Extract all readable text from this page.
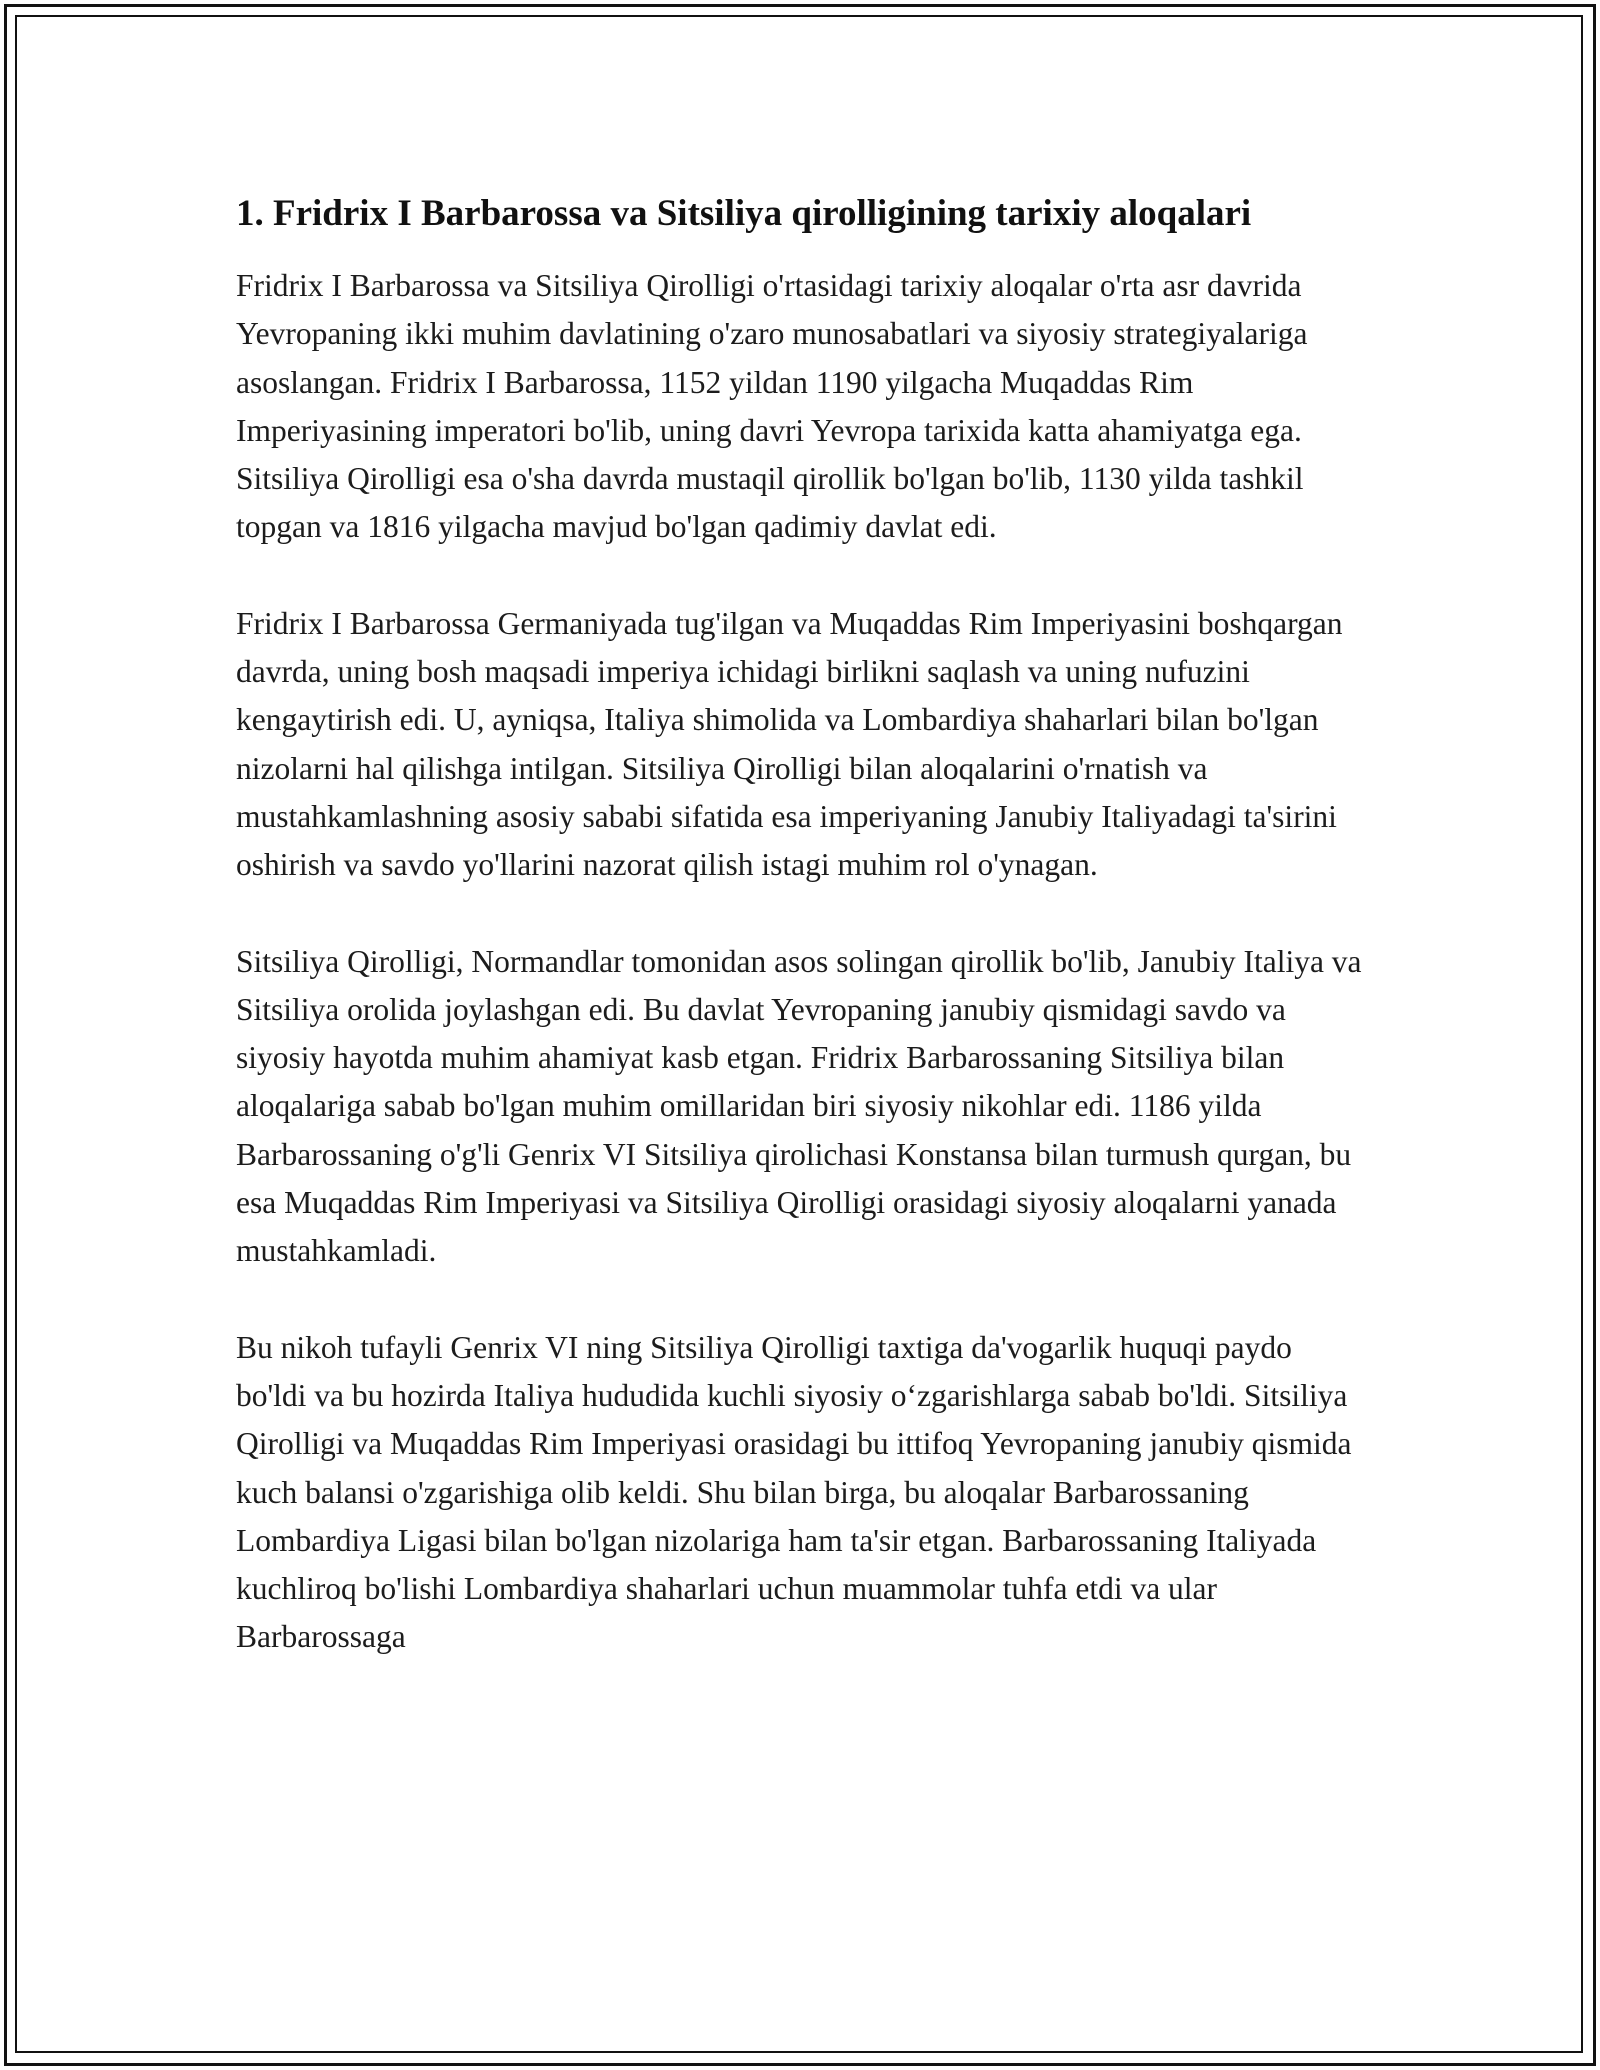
1. Fridrix I Barbarossa va Sitsiliya qirolligining tarixiy aloqalari

Fridrix I Barbarossa va Sitsiliya Qirolligi o'rtasidagi tarixiy aloqalar o'rta asr davrida Yevropaning ikki muhim davlatining o'zaro munosabatlari va siyosiy strategiyalariga asoslangan. Fridrix I Barbarossa, 1152 yildan 1190 yilgacha Muqaddas Rim Imperiyasining imperatori bo'lib, uning davri Yevropa tarixida katta ahamiyatga ega. Sitsiliya Qirolligi esa o'sha davrda mustaqil qirollik bo'lgan bo'lib, 1130 yilda tashkil topgan va 1816 yilgacha mavjud bo'lgan qadimiy davlat edi.

Fridrix I Barbarossa Germaniyada tug'ilgan va Muqaddas Rim Imperiyasini boshqargan davrda, uning bosh maqsadi imperiya ichidagi birlikni saqlash va uning nufuzini kengaytirish edi. U, ayniqsa, Italiya shimolida va Lombardiya shaharlari bilan bo'lgan nizolarni hal qilishga intilgan. Sitsiliya Qirolligi bilan aloqalarini o'rnatish va mustahkamlashning asosiy sababi sifatida esa imperiyaning Janubiy Italiyadagi ta'sirini oshirish va savdo yo'llarini nazorat qilish istagi muhim rol o'ynagan.

Sitsiliya Qirolligi, Normandlar tomonidan asos solingan qirollik bo'lib, Janubiy Italiya va Sitsiliya orolida joylashgan edi. Bu davlat Yevropaning janubiy qismidagi savdo va siyosiy hayotda muhim ahamiyat kasb etgan. Fridrix Barbarossaning Sitsiliya bilan aloqalariga sabab bo'lgan muhim omillaridan biri siyosiy nikohlar edi. 1186 yilda Barbarossaning o'g'li Genrix VI Sitsiliya qirolichasi Konstansa bilan turmush qurgan, bu esa Muqaddas Rim Imperiyasi va Sitsiliya Qirolligi orasidagi siyosiy aloqalarni yanada mustahkamladi.

Bu nikoh tufayli Genrix VI ning Sitsiliya Qirolligi taxtiga da'vogarlik huquqi paydo bo'ldi va bu hozirda Italiya hududida kuchli siyosiy o‘zgarishlarga sabab bo'ldi. Sitsiliya Qirolligi va Muqaddas Rim Imperiyasi orasidagi bu ittifoq Yevropaning janubiy qismida kuch balansi o'zgarishiga olib keldi. Shu bilan birga, bu aloqalar Barbarossaning Lombardiya Ligasi bilan bo'lgan nizolariga ham ta'sir etgan. Barbarossaning Italiyada kuchliroq bo'lishi Lombardiya shaharlari uchun muammolar tuhfa etdi va ular Barbarossaga
